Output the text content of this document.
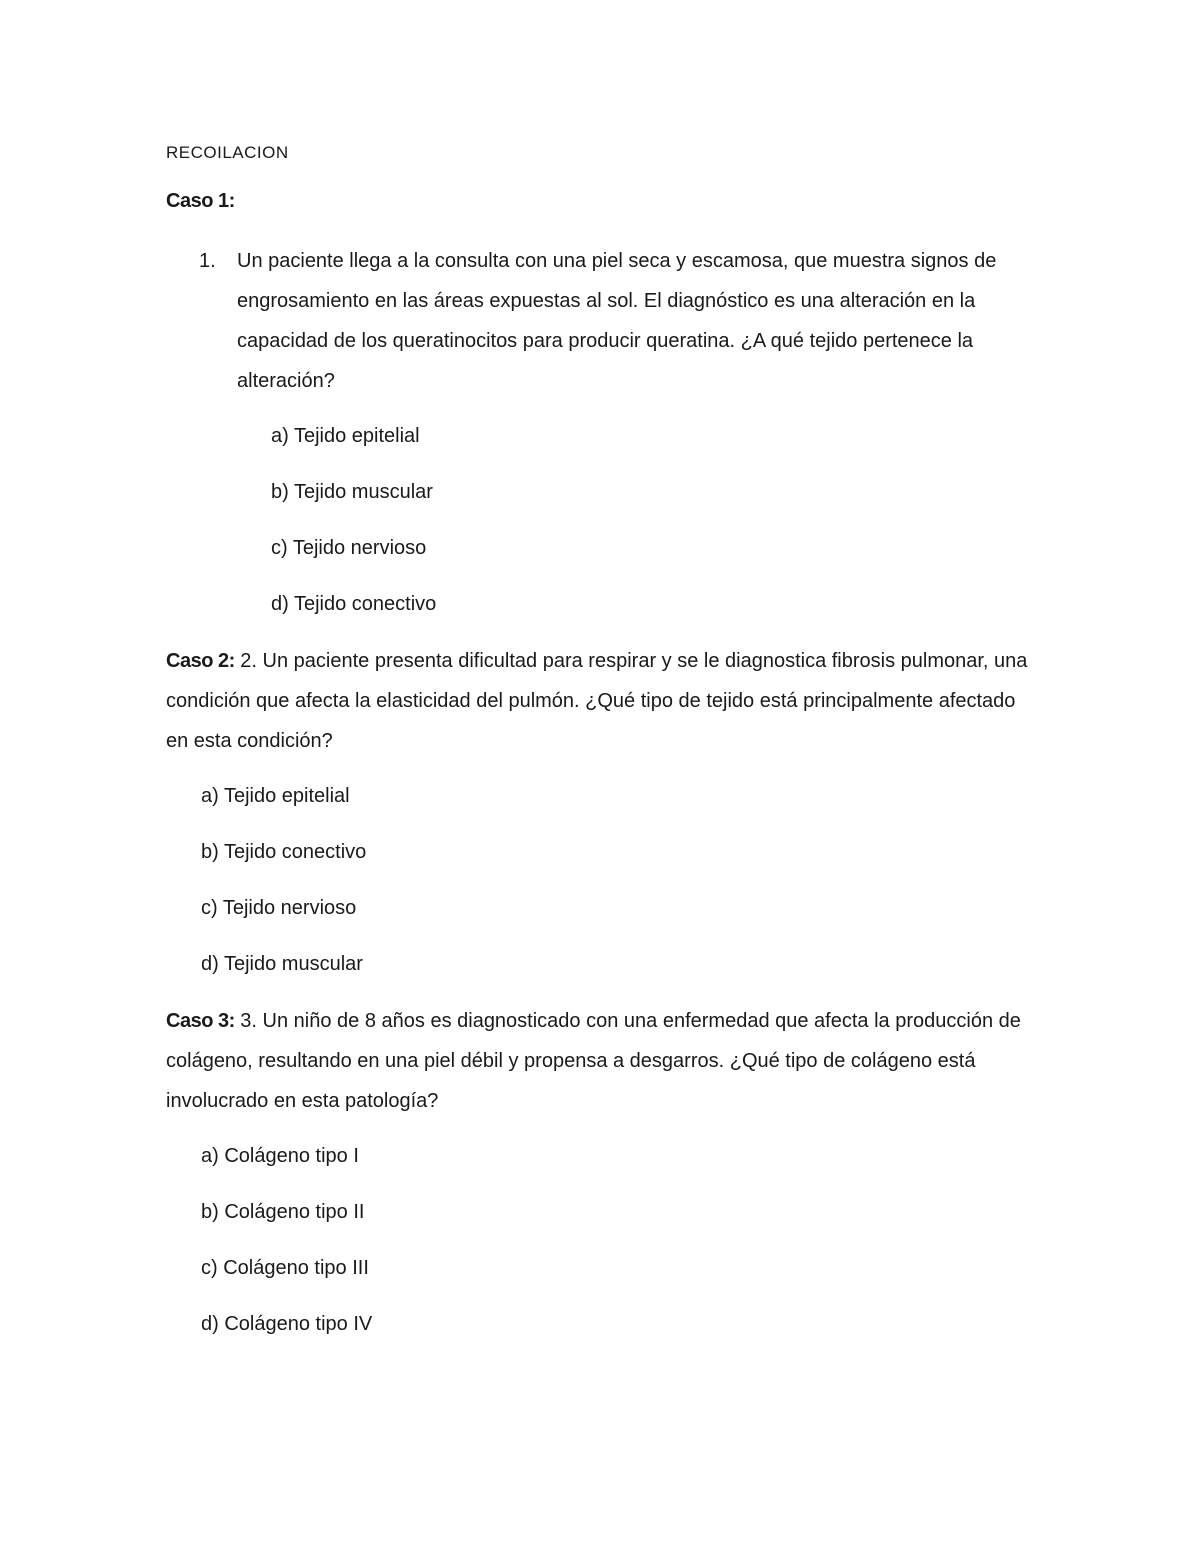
RECOILACION
Caso 1:
1. Un paciente llega a la consulta con una piel seca y escamosa, que muestra signos de engrosamiento en las áreas expuestas al sol. El diagnóstico es una alteración en la capacidad de los queratinocitos para producir queratina. ¿A qué tejido pertenece la alteración?
a) Tejido epitelial
b) Tejido muscular
c) Tejido nervioso
d) Tejido conectivo

Caso 2: 2. Un paciente presenta dificultad para respirar y se le diagnostica fibrosis pulmonar, una condición que afecta la elasticidad del pulmón. ¿Qué tipo de tejido está principalmente afectado en esta condición?

a) Tejido epitelial
b) Tejido conectivo
c) Tejido nervioso
d) Tejido muscular

Caso 3: 3. Un niño de 8 años es diagnosticado con una enfermedad que afecta la producción de colágeno, resultando en una piel débil y propensa a desgarros. ¿Qué tipo de colágeno está involucrado en esta patología?

a) Colágeno tipo I
b) Colágeno tipo II
c) Colágeno tipo III
d) Colágeno tipo IV
